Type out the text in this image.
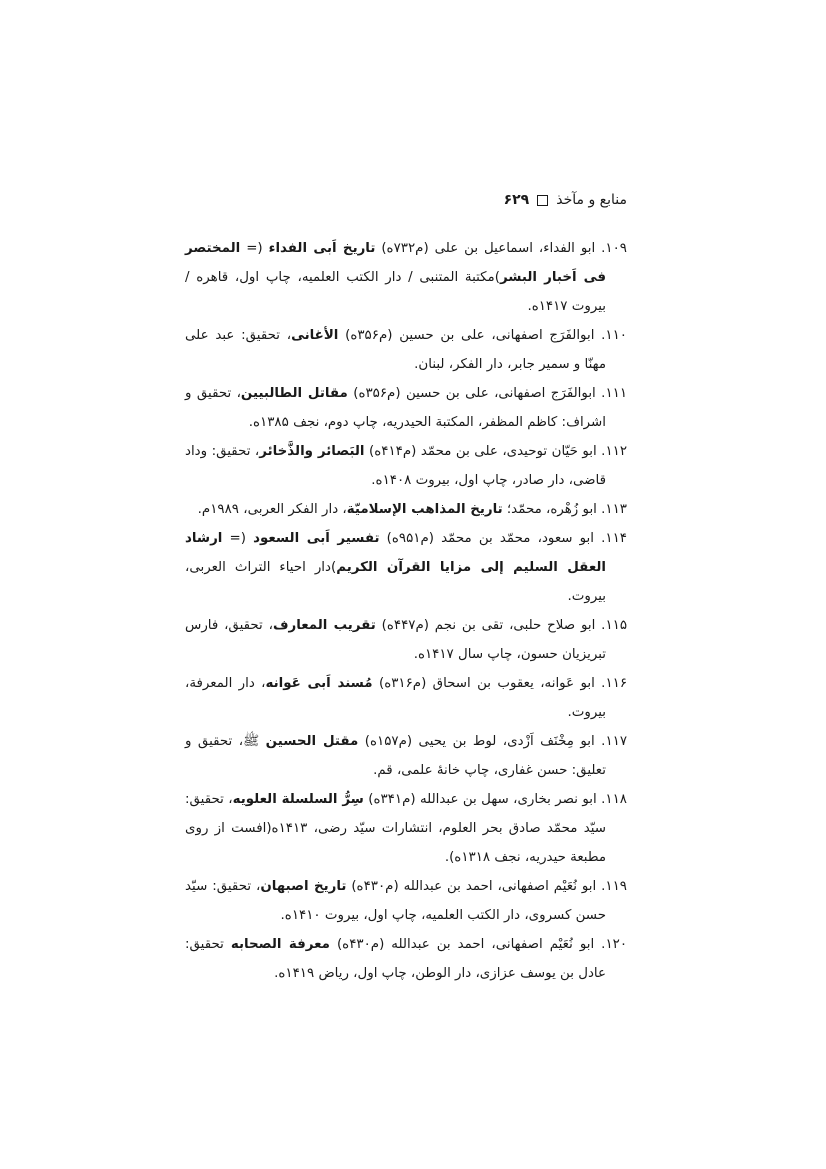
منابع و مآخذ
۶۲۹

۱۰۹. ابو الفداء، اسماعیل بن علی (م۷۳۲ه) تاریخ اَبی الفداء (= المختصر فی اَخبار البشر)مکتبة المتنبی / دار الکتب العلمیه، چاپ اول، قاهره / بیروت ۱۴۱۷ه.

۱۱۰. ابوالفَرَج اصفهانی، علی بن حسین (م۳۵۶ه) الأغانی، تحقیق: عبد علی مهنّا و سمیر جابر، دار الفکر، لبنان.

۱۱۱. ابوالفَرَج اصفهانی، علی بن حسین (م۳۵۶ه) مقاتل الطالبیین، تحقیق و اشراف: کاظم المظفر، المکتبة الحیدریه، چاپ دوم، نجف ۱۳۸۵ه.

۱۱۲. ابو حَیّان توحیدی، علی بن محمّد (م۴۱۴ه) البَصائر والذَّخائر، تحقیق: وداد قاضی، دار صادر، چاپ اول، بیروت ۱۴۰۸ه.

۱۱۳. ابو زُهْره، محمّد؛ تاریخ المذاهب الإسلامیّة، دار الفکر العربی، ۱۹۸۹م.

۱۱۴. ابو سعود، محمّد بن محمّد (م۹۵۱ه) تفسیر اَبی السعود (= ارشاد العقل السلیم إلی مزایا القرآن الکریم)دار احیاء التراث العربی، بیروت.

۱۱۵. ابو صلاح حلبی، تقی بن نجم (م۴۴۷ه) تقریب المعارف، تحقیق، فارس تبریزیان حسون، چاپ سال ۱۴۱۷ه.

۱۱۶. ابو عَوانه، یعقوب بن اسحاق (م۳۱۶ه) مُسند اَبی عَوانه، دار المعرفة، بیروت.

۱۱۷. ابو مِخْنَف اَزْدی، لوط بن یحیی (م۱۵۷ه) مقتل الحسین ﷺ، تحقیق و تعلیق: حسن غفاری، چاپ خانهٔ علمی، قم.

۱۱۸. ابو نصر بخاری، سهل بن عبدالله (م۳۴۱ه) سِرُّ السلسلة العلویه، تحقیق: سیّد محمّد صادق بحر العلوم، انتشارات سیّد رضی، ۱۴۱۳ه(افست از روی مطبعة حیدریه، نجف ۱۳۱۸ه).

۱۱۹. ابو نُعَیْم اصفهانی، احمد بن عبدالله (م۴۳۰ه) تاریخ اصبهان، تحقیق: سیّد حسن کسروی، دار الکتب العلمیه، چاپ اول، بیروت ۱۴۱۰ه.

۱۲۰. ابو نُعَیْم اصفهانی، احمد بن عبدالله (م۴۳۰ه) معرفة الصحابه تحقیق: عادل بن یوسف عزازی، دار الوطن، چاپ اول، ریاض ۱۴۱۹ه.
